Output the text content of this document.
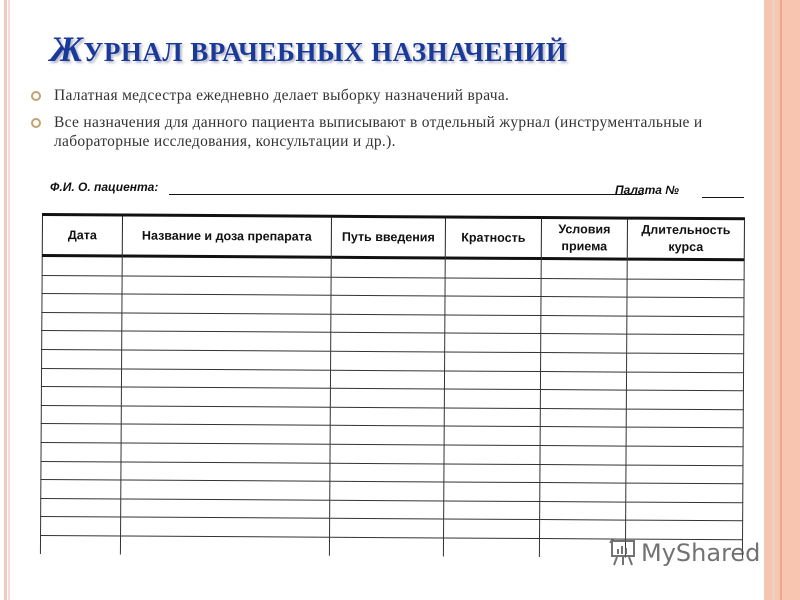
ЖУРНАЛ ВРАЧЕБНЫХ НАЗНАЧЕНИЙ
Палатная медсестра ежедневно делает выборку назначений врача.
Все назначения для данного пациента выписывают в отдельный журнал (инструментальные и лабораторные исследования, консультации и др.).
Ф.И. О. пациента:	Палата №
Дата	Название и доза препарата	Путь введения	Кратность	Условия приема	Длительность курса

MyShared
